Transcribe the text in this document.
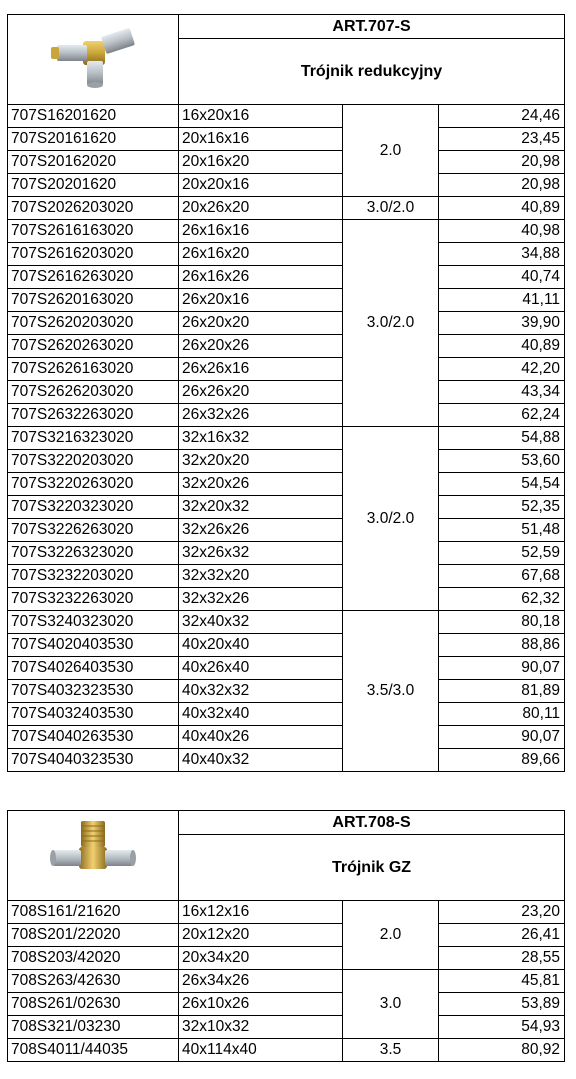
	ART.707-S		
	Trójnik redukcyjny		
707S16201620	16x20x16	2.0	24,46
707S20161620	20x16x16		23,45
707S20162020	20x16x20		20,98
707S20201620	20x20x16		20,98
707S2026203020	20x26x20	3.0/2.0	40,89
707S2616163020	26x16x16	3.0/2.0	40,98
707S2616203020	26x16x20		34,88
707S2616263020	26x16x26		40,74
707S2620163020	26x20x16		41,11
707S2620203020	26x20x20		39,90
707S2620263020	26x20x26		40,89
707S2626163020	26x26x16		42,20
707S2626203020	26x26x20		43,34
707S2632263020	26x32x26		62,24
707S3216323020	32x16x32	3.0/2.0	54,88
707S3220203020	32x20x20		53,60
707S3220263020	32x20x26		54,54
707S3220323020	32x20x32		52,35
707S3226263020	32x26x26		51,48
707S3226323020	32x26x32		52,59
707S3232203020	32x32x20		67,68
707S3232263020	32x32x26		62,32
707S3240323020	32x40x32	3.5/3.0	80,18
707S4020403530	40x20x40		88,86
707S4026403530	40x26x40		90,07
707S4032323530	40x32x32		81,89
707S4032403530	40x32x40		80,11
707S4040263530	40x40x26		90,07
707S4040323530	40x40x32		89,66
	ART.708-S		
	Trójnik GZ		
708S161/21620	16x12x16	2.0	23,20
708S201/22020	20x12x20		26,41
708S203/42020	20x34x20		28,55
708S263/42630	26x34x26	3.0	45,81
708S261/02630	26x10x26		53,89
708S321/03230	32x10x32		54,93
708S4011/44035	40x114x40	3.5	80,92
